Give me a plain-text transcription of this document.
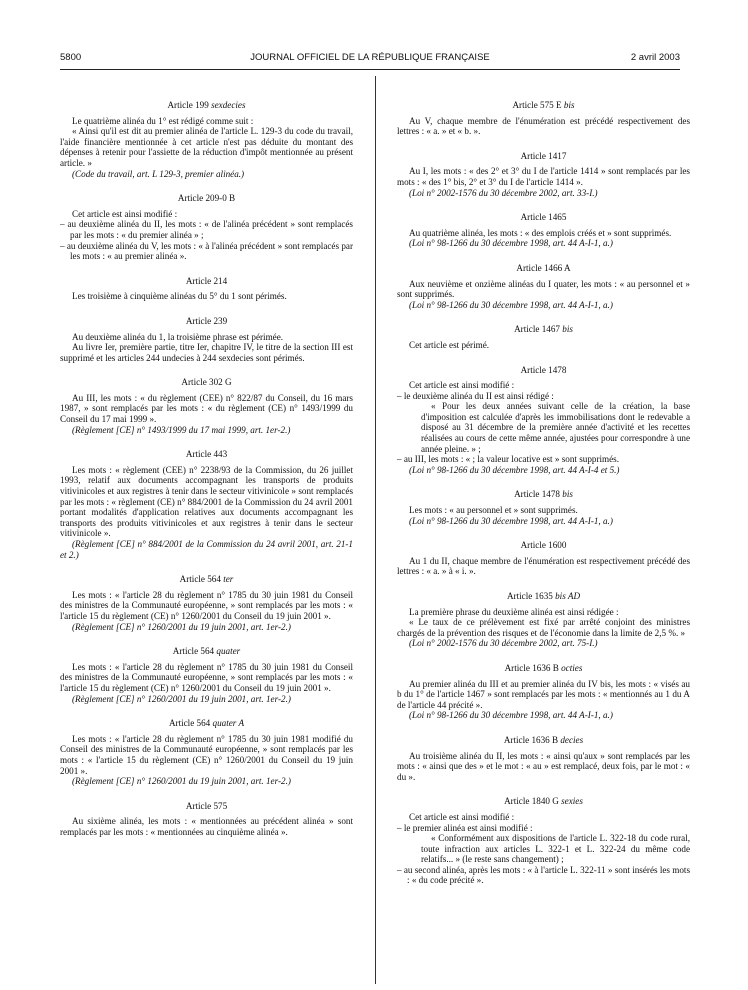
5800	JOURNAL OFFICIEL DE LA RÉPUBLIQUE FRANÇAISE	2 avril 2003
Article 199 sexdecies

Le quatrième alinéa du 1° est rédigé comme suit :

« Ainsi qu'il est dit au premier alinéa de l'article L. 129-3 du code du travail, l'aide financière mentionnée à cet article n'est pas déduite du montant des dépenses à retenir pour l'assiette de la réduction d'impôt mentionnée au présent article. »

(Code du travail, art. L 129-3, premier alinéa.)

Article 209-0 B

Cet article est ainsi modifié :

– au deuxième alinéa du II, les mots : « de l'alinéa précédent » sont remplacés par les mots : « du premier alinéa » ;

– au deuxième alinéa du V, les mots : « à l'alinéa précédent » sont remplacés par les mots : « au premier alinéa ».

Article 214

Les troisième à cinquième alinéas du 5° du 1 sont périmés.

Article 239

Au deuxième alinéa du 1, la troisième phrase est périmée.

Au livre Ier, première partie, titre Ier, chapitre IV, le titre de la section III est supprimé et les articles 244 undecies à 244 sexdecies sont périmés.

Article 302 G

Au III, les mots : « du règlement (CEE) n° 822/87 du Conseil, du 16 mars 1987, » sont remplacés par les mots : « du règlement (CE) n° 1493/1999 du Conseil du 17 mai 1999 ».

(Règlement [CE] n° 1493/1999 du 17 mai 1999, art. 1er-2.)

Article 443

Les mots : « règlement (CEE) n° 2238/93 de la Commission, du 26 juillet 1993, relatif aux documents accompagnant les transports de produits vitivinicoles et aux registres à tenir dans le secteur vitivinicole » sont remplacés par les mots : « règlement (CE) n° 884/2001 de la Commission du 24 avril 2001 portant modalités d'application relatives aux documents accompagnant les transports des produits vitivinicoles et aux registres à tenir dans le secteur vitivinicole ».

(Règlement [CE] n° 884/2001 de la Commission du 24 avril 2001, art. 21-1 et 2.)

Article 564 ter

Les mots : « l'article 28 du règlement n° 1785 du 30 juin 1981 du Conseil des ministres de la Communauté européenne, » sont remplacés par les mots : « l'article 15 du règlement (CE) n° 1260/2001 du Conseil du 19 juin 2001 ».

(Règlement [CE] n° 1260/2001 du 19 juin 2001, art. 1er-2.)

Article 564 quater

Les mots : « l'article 28 du règlement n° 1785 du 30 juin 1981 du Conseil des ministres de la Communauté européenne, » sont remplacés par les mots : « l'article 15 du règlement (CE) n° 1260/2001 du Conseil du 19 juin 2001 ».

(Règlement [CE] n° 1260/2001 du 19 juin 2001, art. 1er-2.)

Article 564 quater A

Les mots : « l'article 28 du règlement n° 1785 du 30 juin 1981 modifié du Conseil des ministres de la Communauté européenne, » sont remplacés par les mots : « l'article 15 du règlement (CE) n° 1260/2001 du Conseil du 19 juin 2001 ».

(Règlement [CE] n° 1260/2001 du 19 juin 2001, art. 1er-2.)

Article 575

Au sixième alinéa, les mots : « mentionnées au précédent alinéa » sont remplacés par les mots : « mentionnées au cinquième alinéa ».

Article 575 E bis

Au V, chaque membre de l'énumération est précédé respectivement des lettres : « a. » et « b. ».

Article 1417

Au I, les mots : « des 2° et 3° du I de l'article 1414 » sont remplacés par les mots : « des 1° bis, 2° et 3° du I de l'article 1414 ».

(Loi n° 2002-1576 du 30 décembre 2002, art. 33-I.)

Article 1465

Au quatrième alinéa, les mots : « des emplois créés et » sont supprimés.

(Loi n° 98-1266 du 30 décembre 1998, art. 44 A-I-1, a.)

Article 1466 A

Aux neuvième et onzième alinéas du I quater, les mots : « au personnel et » sont supprimés.

(Loi n° 98-1266 du 30 décembre 1998, art. 44 A-I-1, a.)

Article 1467 bis

Cet article est périmé.

Article 1478

Cet article est ainsi modifié :

– le deuxième alinéa du II est ainsi rédigé :

« Pour les deux années suivant celle de la création, la base d'imposition est calculée d'après les immobilisations dont le redevable a disposé au 31 décembre de la première année d'activité et les recettes réalisées au cours de cette même année, ajustées pour correspondre à une année pleine. » ;

– au III, les mots : « ; la valeur locative est » sont supprimés.

(Loi n° 98-1266 du 30 décembre 1998, art. 44 A-I-4 et 5.)

Article 1478 bis

Les mots : « au personnel et » sont supprimés.

(Loi n° 98-1266 du 30 décembre 1998, art. 44 A-I-1, a.)

Article 1600

Au 1 du II, chaque membre de l'énumération est respectivement précédé des lettres : « a. » à « i. ».

Article 1635 bis AD

La première phrase du deuxième alinéa est ainsi rédigée :

« Le taux de ce prélèvement est fixé par arrêté conjoint des ministres chargés de la prévention des risques et de l'économie dans la limite de 2,5 %. »

(Loi n° 2002-1576 du 30 décembre 2002, art. 75-I.)

Article 1636 B octies

Au premier alinéa du III et au premier alinéa du IV bis, les mots : « visés au b du 1° de l'article 1467 » sont remplacés par les mots : « mentionnés au 1 du A de l'article 44 précité ».

(Loi n° 98-1266 du 30 décembre 1998, art. 44 A-I-1, a.)

Article 1636 B decies

Au troisième alinéa du II, les mots : « ainsi qu'aux » sont remplacés par les mots : « ainsi que des » et le mot : « au » est remplacé, deux fois, par le mot : « du ».

Article 1840 G sexies

Cet article est ainsi modifié :

– le premier alinéa est ainsi modifié :

« Conformément aux dispositions de l'article L. 322-18 du code rural, toute infraction aux articles L. 322-1 et L. 322-24 du même code relatifs... » (le reste sans changement) ;

– au second alinéa, après les mots : « à l'article L. 322-11 » sont insérés les mots : « du code précité ».
